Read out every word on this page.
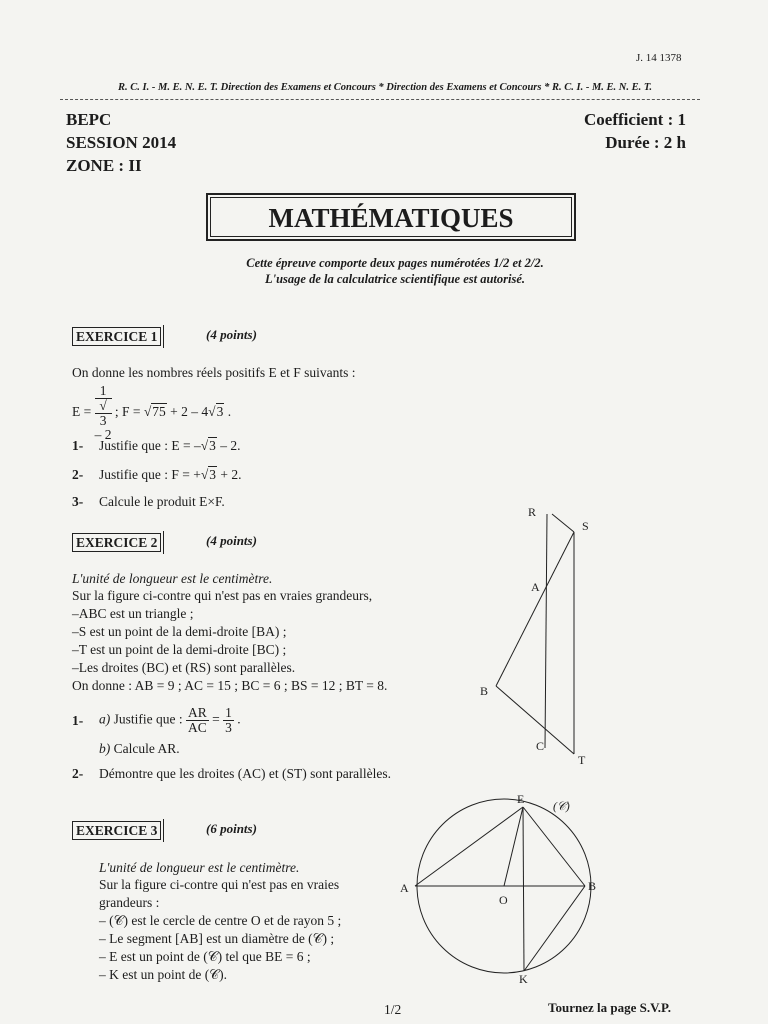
J. 14 1378
R. C. I. - M. E. N. E. T. Direction des Examens et Concours * Direction des Examens et Concours * R. C. I. - M. E. N. E. T.
BEPC
SESSION 2014
ZONE : II
Coefficient : 1
Durée : 2 h
MATHÉMATIQUES
Cette épreuve comporte deux pages numérotées 1/2 et 2/2.
L'usage de la calculatrice scientifique est autorisé.
EXERCICE 1	(4 points)
On donne les nombres réels positifs E et F suivants :
E = 1
√
3
– 2 ; F = √75 + 2 – 4√3 .
1- Justifie que : E = –√3 – 2.
2- Justifie que : F = +√3 + 2.
3- Calcule le produit E×F.
EXERCICE 2	(4 points)
L'unité de longueur est le centimètre.
Sur la figure ci-contre qui n'est pas en vraies grandeurs,
–ABC est un triangle ;
–S est un point de la demi-droite [BA) ;
–T est un point de la demi-droite [BC) ;
–Les droites (BC) et (RS) sont parallèles.
On donne : AB = 9 ; AC = 15 ; BC = 6 ; BS = 12 ; BT = 8.
1- a) Justifie que : $\frac{AR}{AC} = \frac{1}{3}$ .
b) Calcule AR.
2- Démontre que les droites (AC) et (ST) sont parallèles.
R
S
A
B
C
T
EXERCICE 3	(6 points)
L'unité de longueur est le centimètre.
Sur la figure ci-contre qui n'est pas en vraies
grandeurs :
– (𝒞) est le cercle de centre O et de rayon 5 ;
– Le segment [AB] est un diamètre de (𝒞) ;
– E est un point de (𝒞) tel que BE = 6 ;
– K est un point de (𝒞).
E (𝒞)
A	B
O
K
1/2	Tournez la page S.V.P.
